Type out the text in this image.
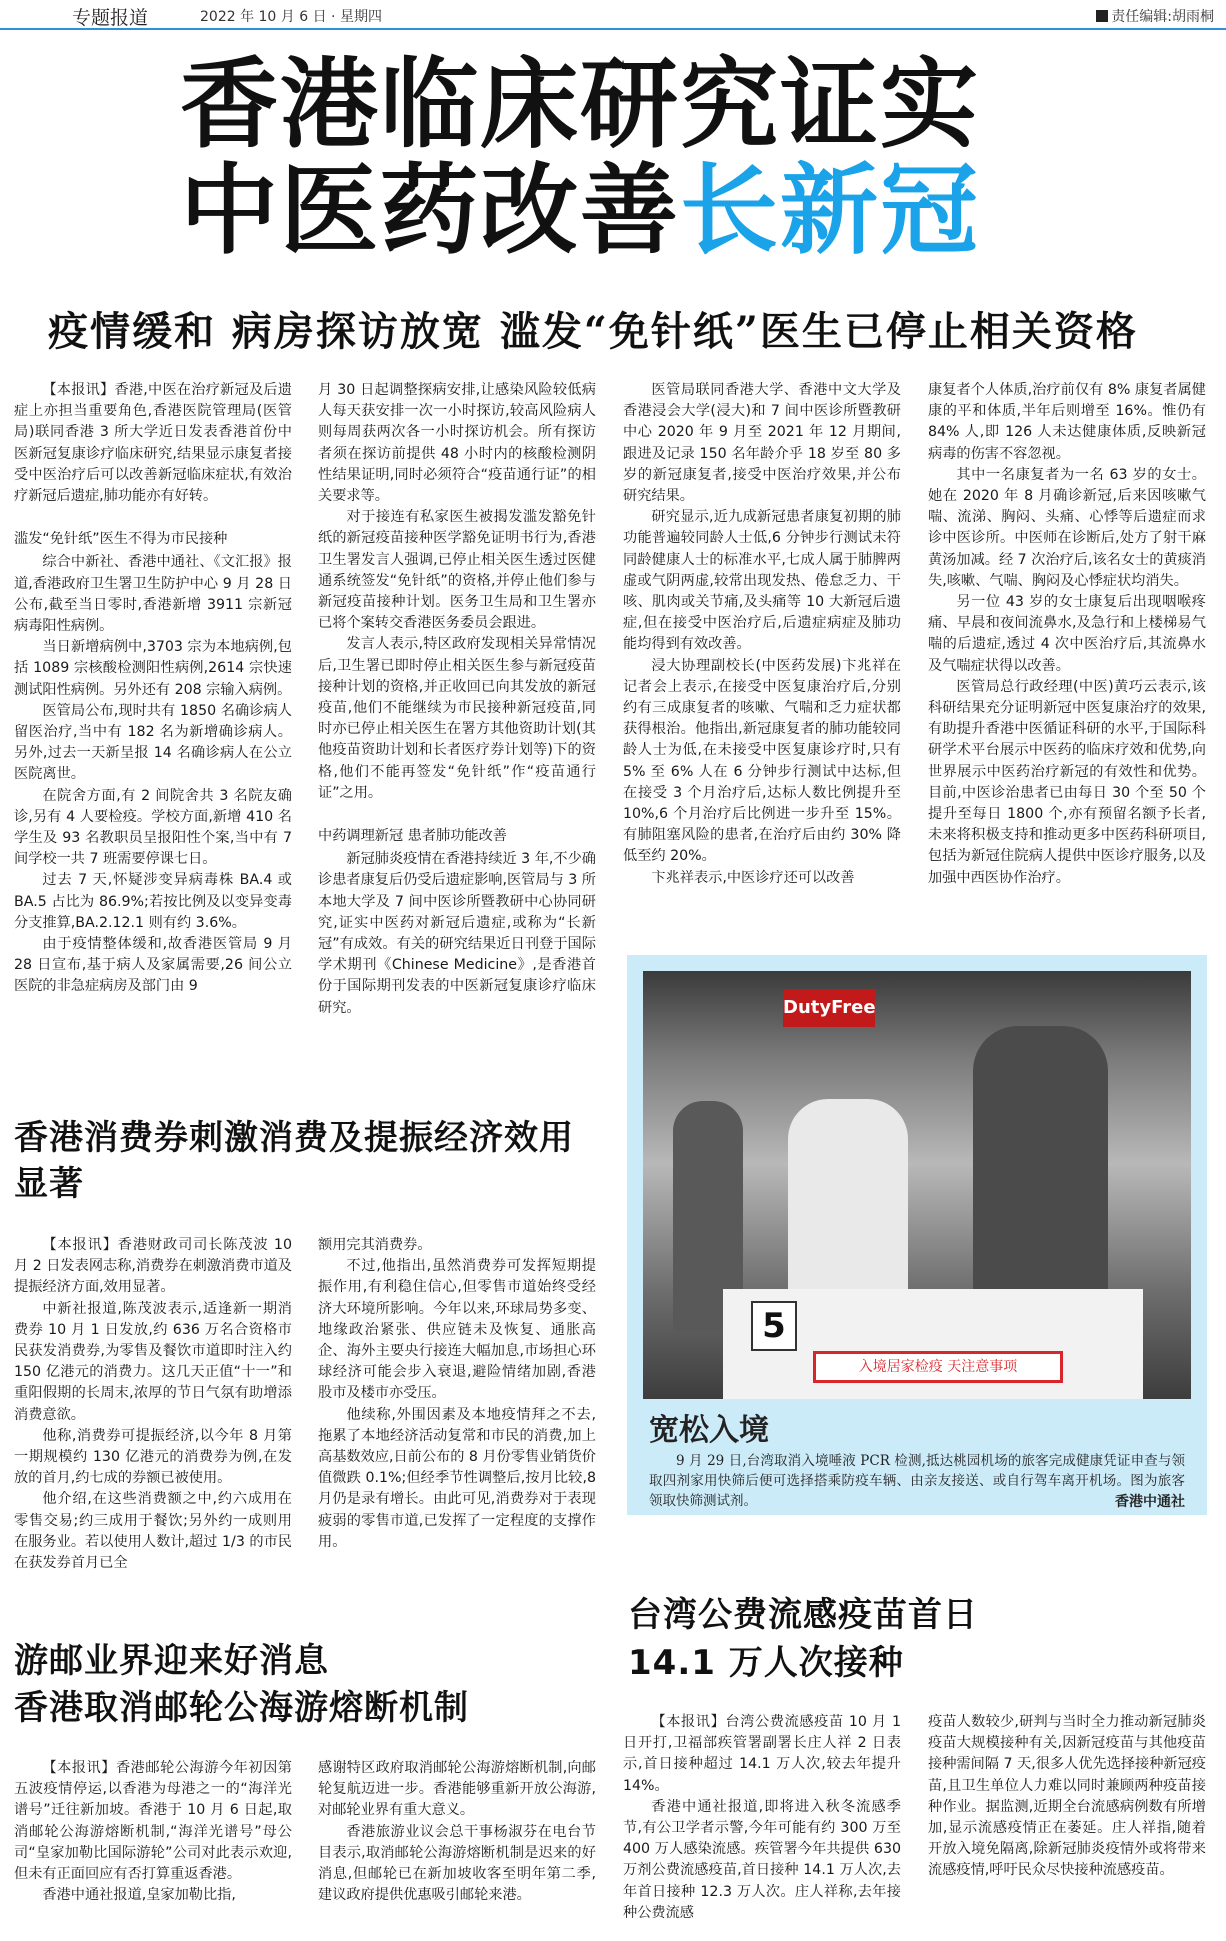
专题报道	2022 年 10 月 6 日 · 星期四	责任编辑:胡雨桐
香港临床研究证实
中医药改善长新冠
疫情缓和 病房探访放宽 滥发“免针纸”医生已停止相关资格

【本报讯】香港,中医在治疗新冠及后遗症上亦担当重要角色,香港医院管理局(医管局)联同香港 3 所大学近日发表香港首份中医新冠复康诊疗临床研究,结果显示康复者接受中医治疗后可以改善新冠临床症状,有效治疗新冠后遗症,肺功能亦有好转。

滥发“免针纸”医生不得为市民接种

综合中新社、香港中通社、《文汇报》报道,香港政府卫生署卫生防护中心 9 月 28 日公布,截至当日零时,香港新增 3911 宗新冠病毒阳性病例。

当日新增病例中,3703 宗为本地病例,包括 1089 宗核酸检测阳性病例,2614 宗快速测试阳性病例。另外还有 208 宗输入病例。

医管局公布,现时共有 1850 名确诊病人留医治疗,当中有 182 名为新增确诊病人。另外,过去一天新呈报 14 名确诊病人在公立医院离世。

在院舍方面,有 2 间院舍共 3 名院友确诊,另有 4 人要检疫。学校方面,新增 410 名学生及 93 名教职员呈报阳性个案,当中有 7 间学校一共 7 班需要停课七日。

过去 7 天,怀疑涉变异病毒株 BA.4 或 BA.5 占比为 86.9%;若按比例及以变异变毒分支推算,BA.2.12.1 则有约 3.6%。

由于疫情整体缓和,故香港医管局 9 月 28 日宣布,基于病人及家属需要,26 间公立医院的非急症病房及部门由 9

月 30 日起调整探病安排,让感染风险较低病人每天获安排一次一小时探访,较高风险病人则每周获两次各一小时探访机会。所有探访者须在探访前提供 48 小时内的核酸检测阴性结果证明,同时必须符合“疫苗通行证”的相关要求等。

对于接连有私家医生被揭发滥发豁免针纸的新冠疫苗接种医学豁免证明书行为,香港卫生署发言人强调,已停止相关医生透过医健通系统签发“免针纸”的资格,并停止他们参与新冠疫苗接种计划。医务卫生局和卫生署亦已将个案转交香港医务委员会跟进。

发言人表示,特区政府发现相关异常情况后,卫生署已即时停止相关医生参与新冠疫苗接种计划的资格,并正收回已向其发放的新冠疫苗,他们不能继续为市民接种新冠疫苗,同时亦已停止相关医生在署方其他资助计划(其他疫苗资助计划和长者医疗券计划等)下的资格,他们不能再签发“免针纸”作“疫苗通行证”之用。

中药调理新冠 患者肺功能改善

新冠肺炎疫情在香港持续近 3 年,不少确诊患者康复后仍受后遗症影响,医管局与 3 所本地大学及 7 间中医诊所暨教研中心协同研究,证实中医药对新冠后遗症,或称为“长新冠”有成效。有关的研究结果近日刊登于国际学术期刊《Chinese Medicine》,是香港首份于国际期刊发表的中医新冠复康诊疗临床研究。

医管局联同香港大学、香港中文大学及香港浸会大学(浸大)和 7 间中医诊所暨教研中心 2020 年 9 月至 2021 年 12 月期间,跟进及记录 150 名年龄介乎 18 岁至 80 多岁的新冠康复者,接受中医治疗效果,并公布研究结果。

研究显示,近九成新冠患者康复初期的肺功能普遍较同龄人士低,6 分钟步行测试未符同龄健康人士的标准水平,七成人属于肺脾两虚或气阴两虚,较常出现发热、倦怠乏力、干咳、肌肉或关节痛,及头痛等 10 大新冠后遗症,但在接受中医治疗后,后遗症病症及肺功能均得到有效改善。

浸大协理副校长(中医药发展)卞兆祥在记者会上表示,在接受中医复康治疗后,分别约有三成康复者的咳嗽、气喘和乏力症状都获得根治。他指出,新冠康复者的肺功能较同龄人士为低,在未接受中医复康诊疗时,只有 5% 至 6% 人在 6 分钟步行测试中达标,但在接受 3 个月治疗后,达标人数比例提升至 10%,6 个月治疗后比例进一步升至 15%。有肺阻塞风险的患者,在治疗后由约 30% 降低至约 20%。

卞兆祥表示,中医诊疗还可以改善

康复者个人体质,治疗前仅有 8% 康复者属健康的平和体质,半年后则增至 16%。惟仍有 84% 人,即 126 人未达健康体质,反映新冠病毒的伤害不容忽视。

其中一名康复者为一名 63 岁的女士。她在 2020 年 8 月确诊新冠,后来因咳嗽气喘、流涕、胸闷、头痛、心悸等后遗症而求诊中医诊所。中医师在诊断后,处方了射干麻黄汤加减。经 7 次治疗后,该名女士的黄痰消失,咳嗽、气喘、胸闷及心悸症状均消失。

另一位 43 岁的女士康复后出现咽喉疼痛、早晨和夜间流鼻水,及急行和上楼梯易气喘的后遗症,透过 4 次中医治疗后,其流鼻水及气喘症状得以改善。

医管局总行政经理(中医)黄巧云表示,该科研结果充分证明新冠中医复康治疗的效果,有助提升香港中医循证科研的水平,于国际科研学术平台展示中医药的临床疗效和优势,向世界展示中医药治疗新冠的有效性和优势。目前,中医诊治患者已由每日 30 个至 50 个提升至每日 1800 个,亦有预留名额予长者,未来将积极支持和推动更多中医药科研项目,包括为新冠住院病人提供中医诊疗服务,以及加强中西医协作治疗。

香港消费券刺激消费及提振经济效用显著

【本报讯】香港财政司司长陈茂波 10 月 2 日发表网志称,消费券在刺激消费市道及提振经济方面,效用显著。

中新社报道,陈茂波表示,适逢新一期消费券 10 月 1 日发放,约 636 万名合资格市民获发消费券,为零售及餐饮市道即时注入约 150 亿港元的消费力。这几天正值“十一”和重阳假期的长周末,浓厚的节日气氛有助增添消费意欲。

他称,消费券可提振经济,以今年 8 月第一期规模约 130 亿港元的消费券为例,在发放的首月,约七成的券额已被使用。

他介绍,在这些消费额之中,约六成用在零售交易;约三成用于餐饮;另外约一成则用在服务业。若以使用人数计,超过 1/3 的市民在获发券首月已全

额用完其消费券。

不过,他指出,虽然消费券可发挥短期提振作用,有利稳住信心,但零售市道始终受经济大环境所影响。今年以来,环球局势多变、地缘政治紧张、供应链未及恢复、通胀高企、海外主要央行接连大幅加息,市场担心环球经济可能会步入衰退,避险情绪加剧,香港股市及楼市亦受压。

他续称,外围因素及本地疫情拜之不去,拖累了本地经济活动复常和市民的消费,加上高基数效应,日前公布的 8 月份零售业销货价值微跌 0.1%;但经季节性调整后,按月比较,8 月仍是录有增长。由此可见,消费券对于表现疲弱的零售市道,已发挥了一定程度的支撑作用。

游邮业界迎来好消息
香港取消邮轮公海游熔断机制

【本报讯】香港邮轮公海游今年初因第五波疫情停运,以香港为母港之一的“海洋光谱号”迁往新加坡。香港于 10 月 6 日起,取消邮轮公海游熔断机制,“海洋光谱号”母公司“皇家加勒比国际游轮”公司对此表示欢迎,但未有正面回应有否打算重返香港。

香港中通社报道,皇家加勒比指,

感谢特区政府取消邮轮公海游熔断机制,向邮轮复航迈进一步。香港能够重新开放公海游,对邮轮业界有重大意义。

香港旅游业议会总干事杨淑芬在电台节目表示,取消邮轮公海游熔断机制是迟来的好消息,但邮轮已在新加坡收客至明年第二季,建议政府提供优惠吸引邮轮来港。

DutyFree
入境居家检疫 天注意事项
5
宽松入境
9 月 29 日,台湾取消入境唾液 PCR 检测,抵达桃园机场的旅客完成健康凭证申查与领取四剂家用快筛后便可选择搭乘防疫车辆、由亲友接送、或自行驾车离开机场。图为旅客领取快筛测试剂。	香港中通社
台湾公费流感疫苗首日
14.1 万人次接种

【本报讯】台湾公费流感疫苗 10 月 1 日开打,卫福部疾管署副署长庄人祥 2 日表示,首日接种超过 14.1 万人次,较去年提升 14%。

香港中通社报道,即将进入秋冬流感季节,有公卫学者示警,今年可能有约 300 万至 400 万人感染流感。疾管署今年共提供 630 万剂公费流感疫苗,首日接种 14.1 万人次,去年首日接种 12.3 万人次。庄人祥称,去年接种公费流感

疫苗人数较少,研判与当时全力推动新冠肺炎疫苗大规模接种有关,因新冠疫苗与其他疫苗接种需间隔 7 天,很多人优先选择接种新冠疫苗,且卫生单位人力难以同时兼顾两种疫苗接种作业。据监测,近期全台流感病例数有所增加,显示流感疫情正在萎延。庄人祥指,随着开放入境免隔离,除新冠肺炎疫情外或将带来流感疫情,呼吁民众尽快接种流感疫苗。
